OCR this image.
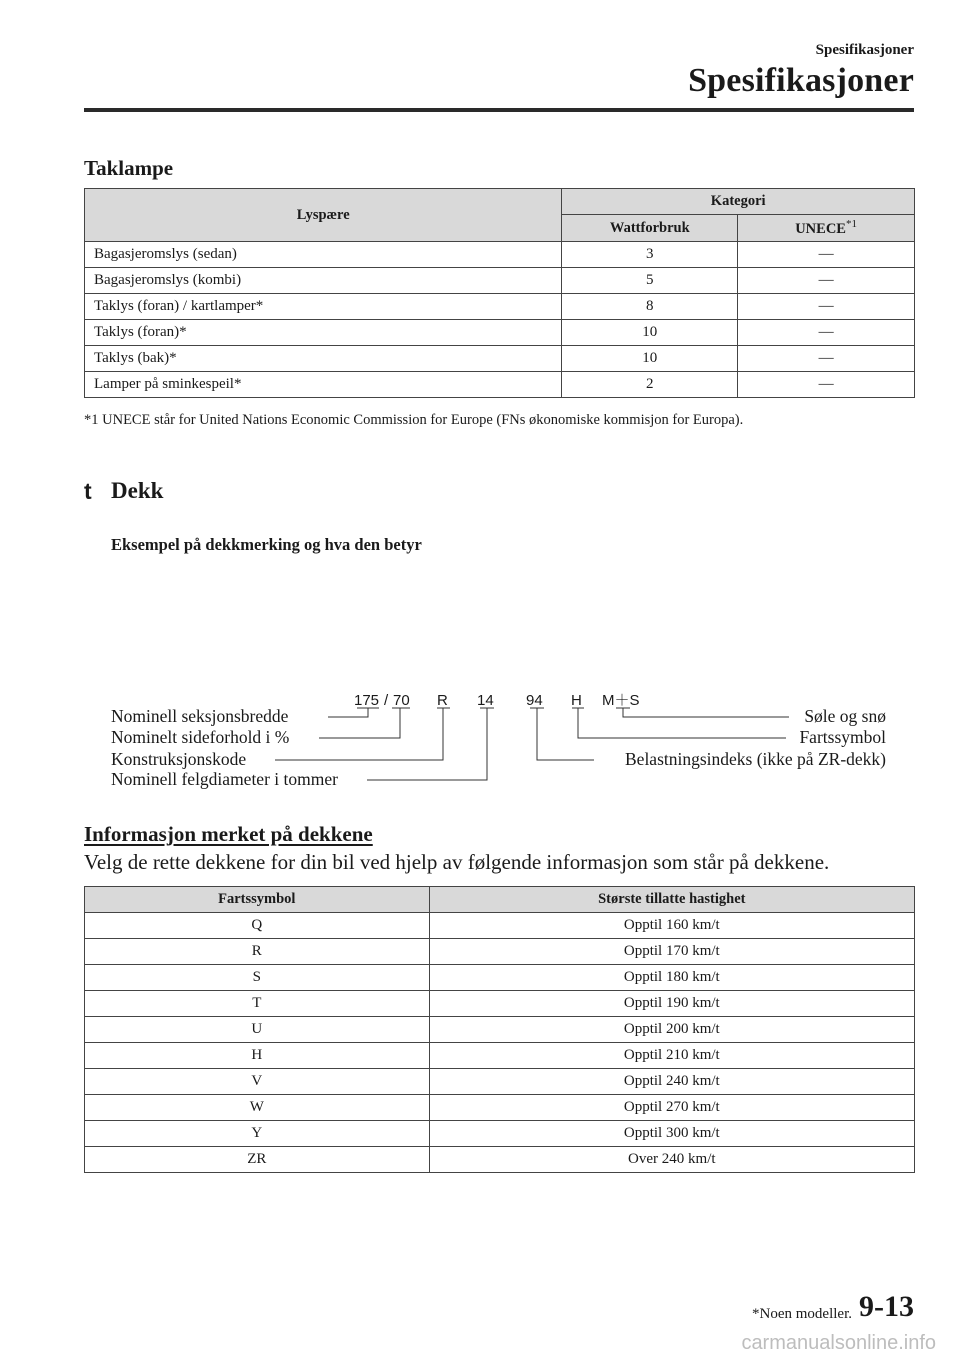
Spesifikasjoner
Spesifikasjoner
Taklampe
Lyspære	Kategori	
	Wattforbruk	UNECE$^{*1}$
Bagasjeromslys (sedan)	3	—
Bagasjeromslys (kombi)	5	—
Taklys (foran) / kartlamper*	8	—
Taklys (foran)*	10	—
Taklys (bak)*	10	—
Lamper på sminkespeil*	2	—
*1 UNECE står for United Nations Economic Commission for Europe (FNs økonomiske kommisjon for Europa).
t Dekk
Eksempel på dekkmerking og hva den betyr
175 / 70 R 14 94 H M＋S
Nominell seksjonsbredde
Nominelt sideforhold i %
Konstruksjonskode
Nominell felgdiameter i tommer
Søle og snø
Fartssymbol
Belastningsindeks (ikke på ZR-dekk)
Informasjon merket på dekkene
Velg de rette dekkene for din bil ved hjelp av følgende informasjon som står på dekkene.
Fartssymbol	Største tillatte hastighet
Q	Opptil 160 km/t
R	Opptil 170 km/t
S	Opptil 180 km/t
T	Opptil 190 km/t
U	Opptil 200 km/t
H	Opptil 210 km/t
V	Opptil 240 km/t
W	Opptil 270 km/t
Y	Opptil 300 km/t
ZR	Over 240 km/t
*Noen modeller. 9-13
carmanualsonline.info
